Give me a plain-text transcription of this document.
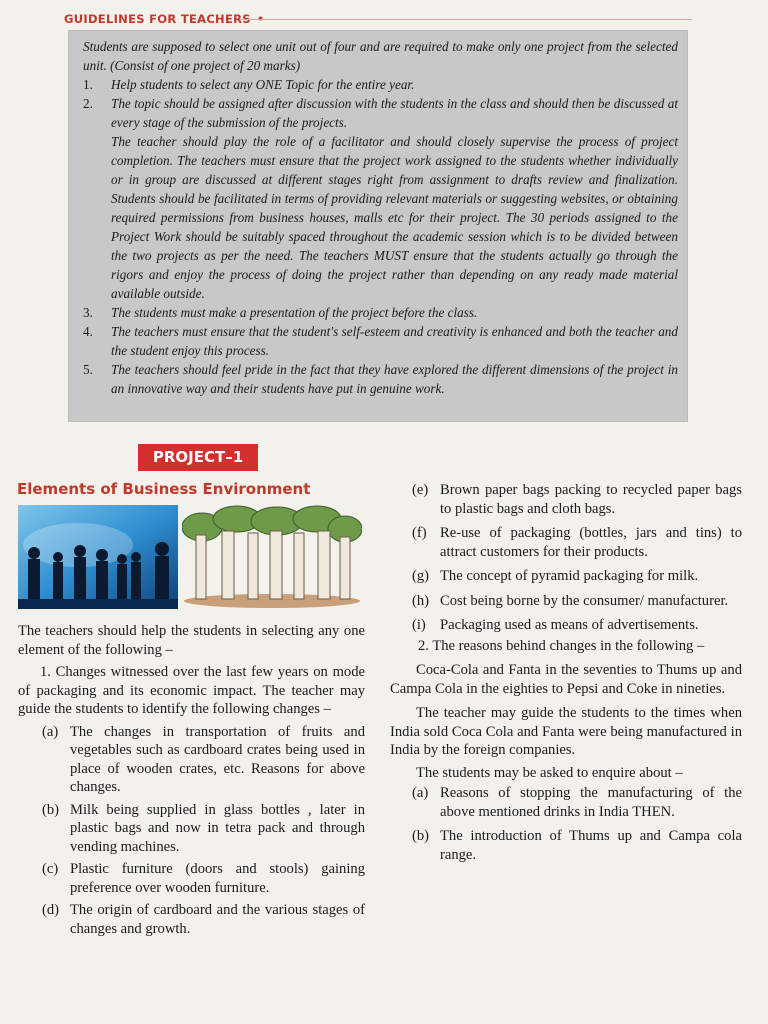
GUIDELINES FOR TEACHERS •

Students are supposed to select one unit out of four and are required to make only one project from the selected unit. (Consist of one project of 20 marks)

1. Help students to select any ONE Topic for the entire year.

2. The topic should be assigned after discussion with the students in the class and should then be discussed at every stage of the submission of the projects.

The teacher should play the role of a facilitator and should closely supervise the process of project completion. The teachers must ensure that the project work assigned to the students whether individually or in group are discussed at different stages right from assignment to drafts review and finalization. Students should be facilitated in terms of providing relevant materials or suggesting websites, or obtaining required permissions from business houses, malls etc for their project. The 30 periods assigned to the Project Work should be suitably spaced throughout the academic session which is to be divided between the two projects as per the need. The teachers MUST ensure that the students actually go through the rigors and enjoy the process of doing the project rather than depending on any ready made material available outside.

3. The students must make a presentation of the project before the class.

4. The teachers must ensure that the student's self-esteem and creativity is enhanced and both the teacher and the student enjoy this process.

5. The teachers should feel pride in the fact that they have explored the different dimensions of the project in an innovative way and their students have put in genuine work.

PROJECT–1
Elements of Business Environment

The teachers should help the students in selecting any one element of the following –

1. Changes witnessed over the last few years on mode of packaging and its economic impact. The teacher may guide the students to identify the following changes –

(a) The changes in transportation of fruits and vegetables such as cardboard crates being used in place of wooden crates, etc. Reasons for above changes.

(b) Milk being supplied in glass bottles , later in plastic bags and now in tetra pack and through vending machines.

(c) Plastic furniture (doors and stools) gaining preference over wooden furniture.

(d) The origin of cardboard and the various stages of changes and growth.

(e) Brown paper bags packing to recycled paper bags to plastic bags and cloth bags.

(f) Re-use of packaging (bottles, jars and tins) to attract customers for their products.

(g) The concept of pyramid packaging for milk.

(h) Cost being borne by the consumer/ manufacturer.

(i) Packaging used as means of advertisements.

2. The reasons behind changes in the following –

Coca-Cola and Fanta in the seventies to Thums up and Campa Cola in the eighties to Pepsi and Coke in nineties.

The teacher may guide the students to the times when India sold Coca Cola and Fanta were being manufactured in India by the foreign companies.

The students may be asked to enquire about –

(a) Reasons of stopping the manufacturing of the above mentioned drinks in India THEN.

(b) The introduction of Thums up and Campa cola range.
